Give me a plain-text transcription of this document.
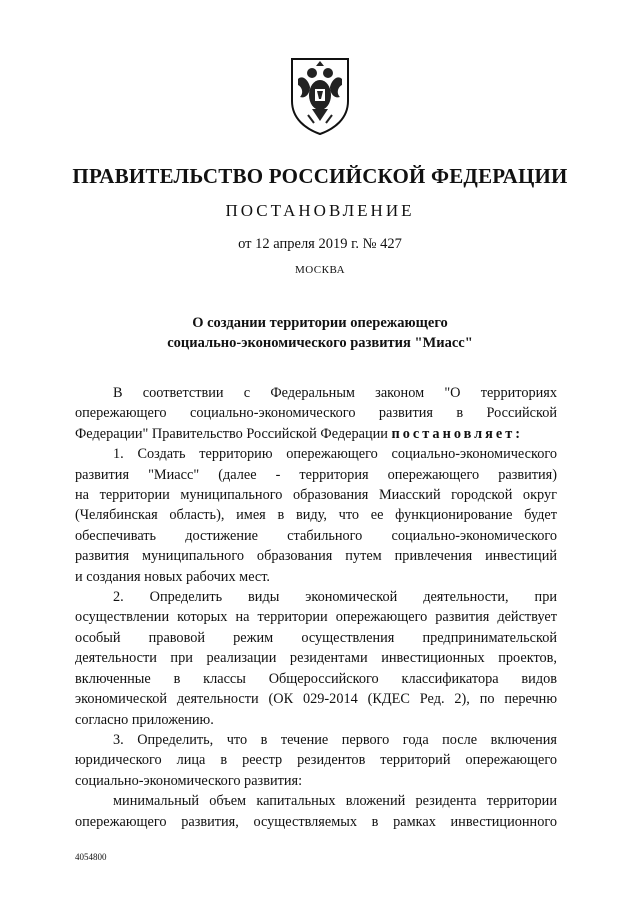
ПРАВИТЕЛЬСТВО РОССИЙСКОЙ ФЕДЕРАЦИИ
ПОСТАНОВЛЕНИЕ
от 12 апреля 2019 г. № 427
МОСКВА
О создании территории опережающего
социально-экономического развития "Миасс"
В соответствии с Федеральным законом "О территориях
опережающего социально-экономического развития в Российской
Федерации" Правительство Российской Федерации постановляет:
1. Создать территорию опережающего социально-экономического
развития "Миасс" (далее - территория опережающего развития)
на территории муниципального образования Миасский городской округ
(Челябинская область), имея в виду, что ее функционирование будет
обеспечивать достижение стабильного социально-экономического
развития муниципального образования путем привлечения инвестиций
и создания новых рабочих мест.
2. Определить виды экономической деятельности, при
осуществлении которых на территории опережающего развития действует
особый правовой режим осуществления предпринимательской
деятельности при реализации резидентами инвестиционных проектов,
включенные в классы Общероссийского классификатора видов
экономической деятельности (ОК 029-2014 (КДЕС Ред. 2), по перечню
согласно приложению.
3. Определить, что в течение первого года после включения
юридического лица в реестр резидентов территорий опережающего
социально-экономического развития:
минимальный объем капитальных вложений резидента территории
опережающего развития, осуществляемых в рамках инвестиционного
4054800
